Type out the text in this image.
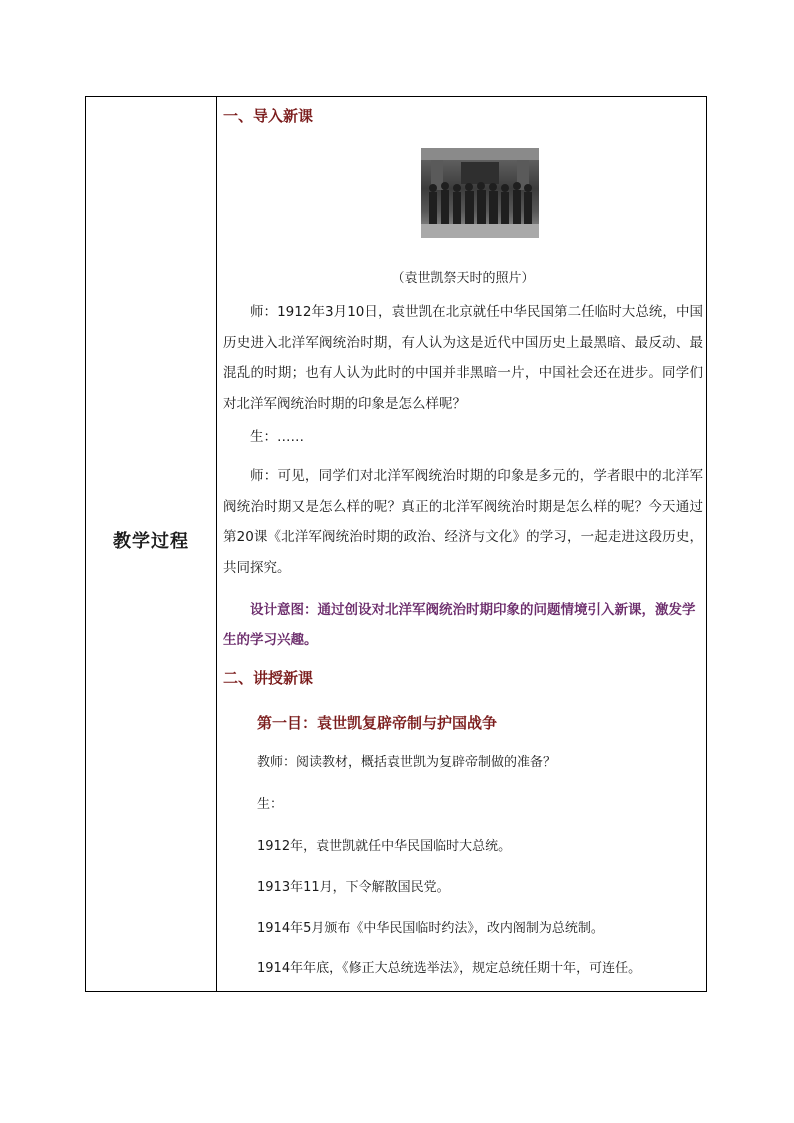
教学过程
一、导入新课
（袁世凯祭天时的照片）
师：1912年3月10日，袁世凯在北京就任中华民国第二任临时大总统，中国历史进入北洋军阀统治时期，有人认为这是近代中国历史上最黑暗、最反动、最混乱的时期；也有人认为此时的中国并非黑暗一片，中国社会还在进步。同学们对北洋军阀统治时期的印象是怎么样呢？
生：……
师：可见，同学们对北洋军阀统治时期的印象是多元的，学者眼中的北洋军阀统治时期又是怎么样的呢？真正的北洋军阀统治时期是怎么样的呢？今天通过第20课《北洋军阀统治时期的政治、经济与文化》的学习，一起走进这段历史，共同探究。
设计意图：通过创设对北洋军阀统治时期印象的问题情境引入新课，激发学生的学习兴趣。
二、讲授新课
第一目：袁世凯复辟帝制与护国战争
教师：阅读教材，概括袁世凯为复辟帝制做的准备？
生：
1912年，袁世凯就任中华民国临时大总统。
1913年11月，下令解散国民党。
1914年5月颁布《中华民国临时约法》，改内阁制为总统制。
1914年年底，《修正大总统选举法》，规定总统任期十年，可连任。
